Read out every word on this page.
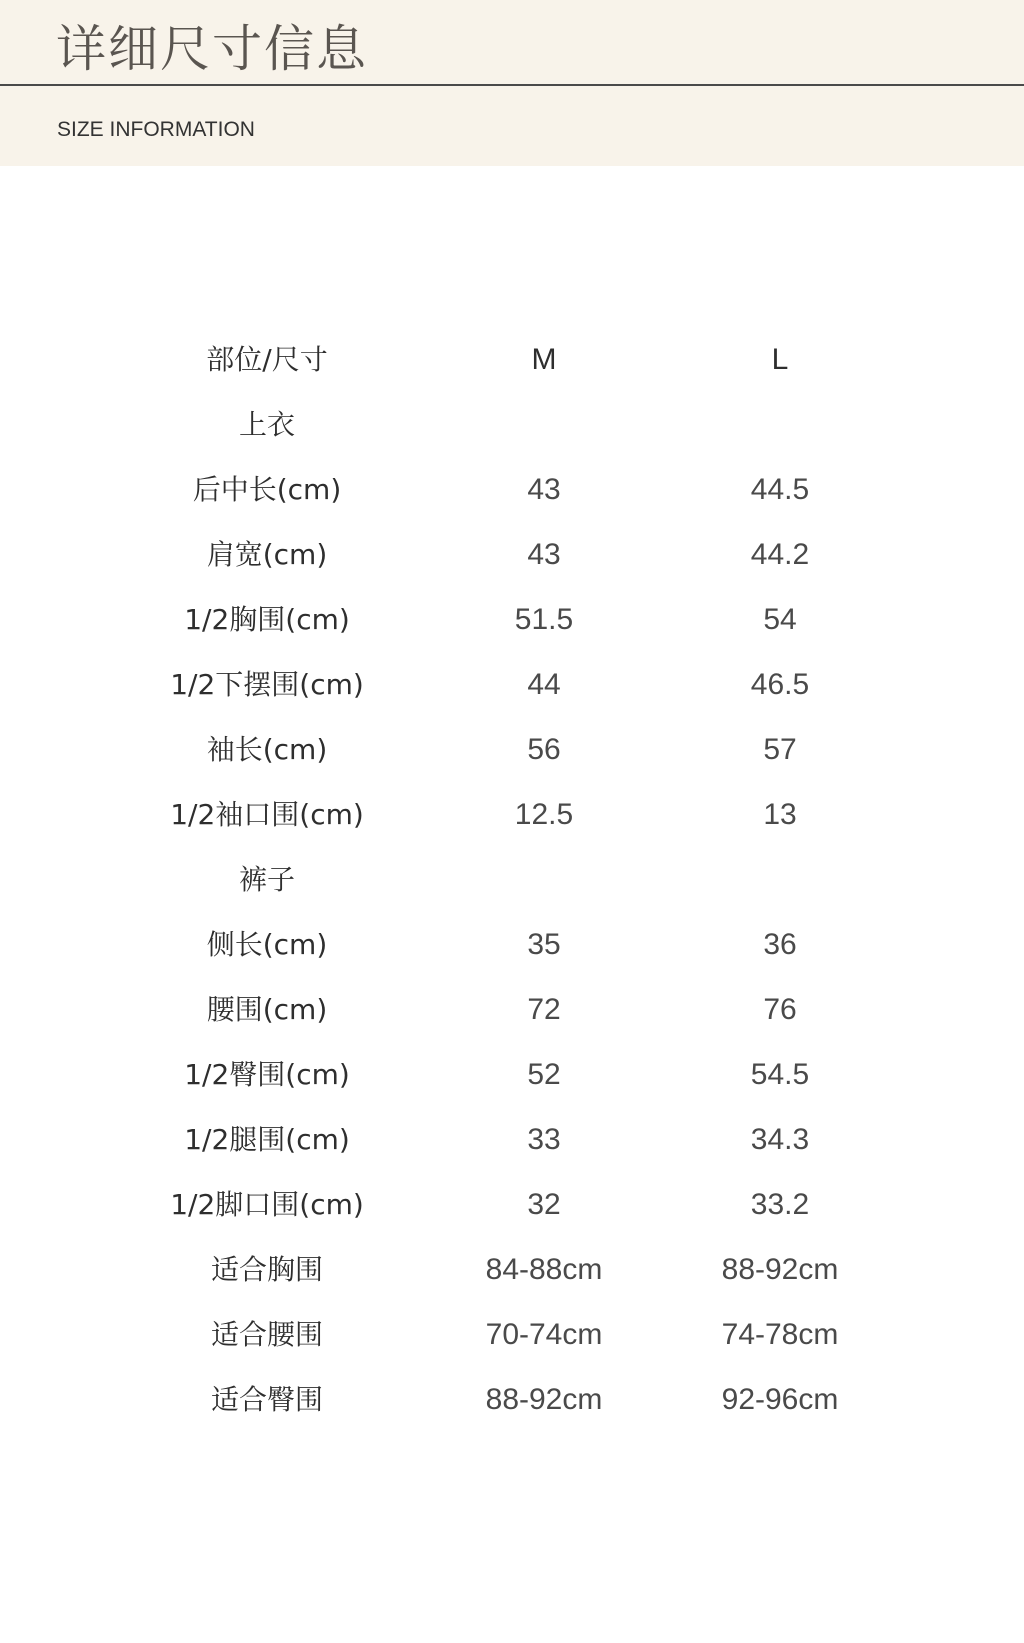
详细尺寸信息
SIZE INFORMATION
部位/尺寸	M	L
上衣
后中长(cm)	43	44.5
肩宽(cm)	43	44.2
1/2胸围(cm)	51.5	54
1/2下摆围(cm)	44	46.5
袖长(cm)	56	57
1/2袖口围(cm)	12.5	13
裤子
侧长(cm)	35	36
腰围(cm)	72	76
1/2臀围(cm)	52	54.5
1/2腿围(cm)	33	34.3
1/2脚口围(cm)	32	33.2
适合胸围	84-88cm	88-92cm
适合腰围	70-74cm	74-78cm
适合臀围	88-92cm	92-96cm
